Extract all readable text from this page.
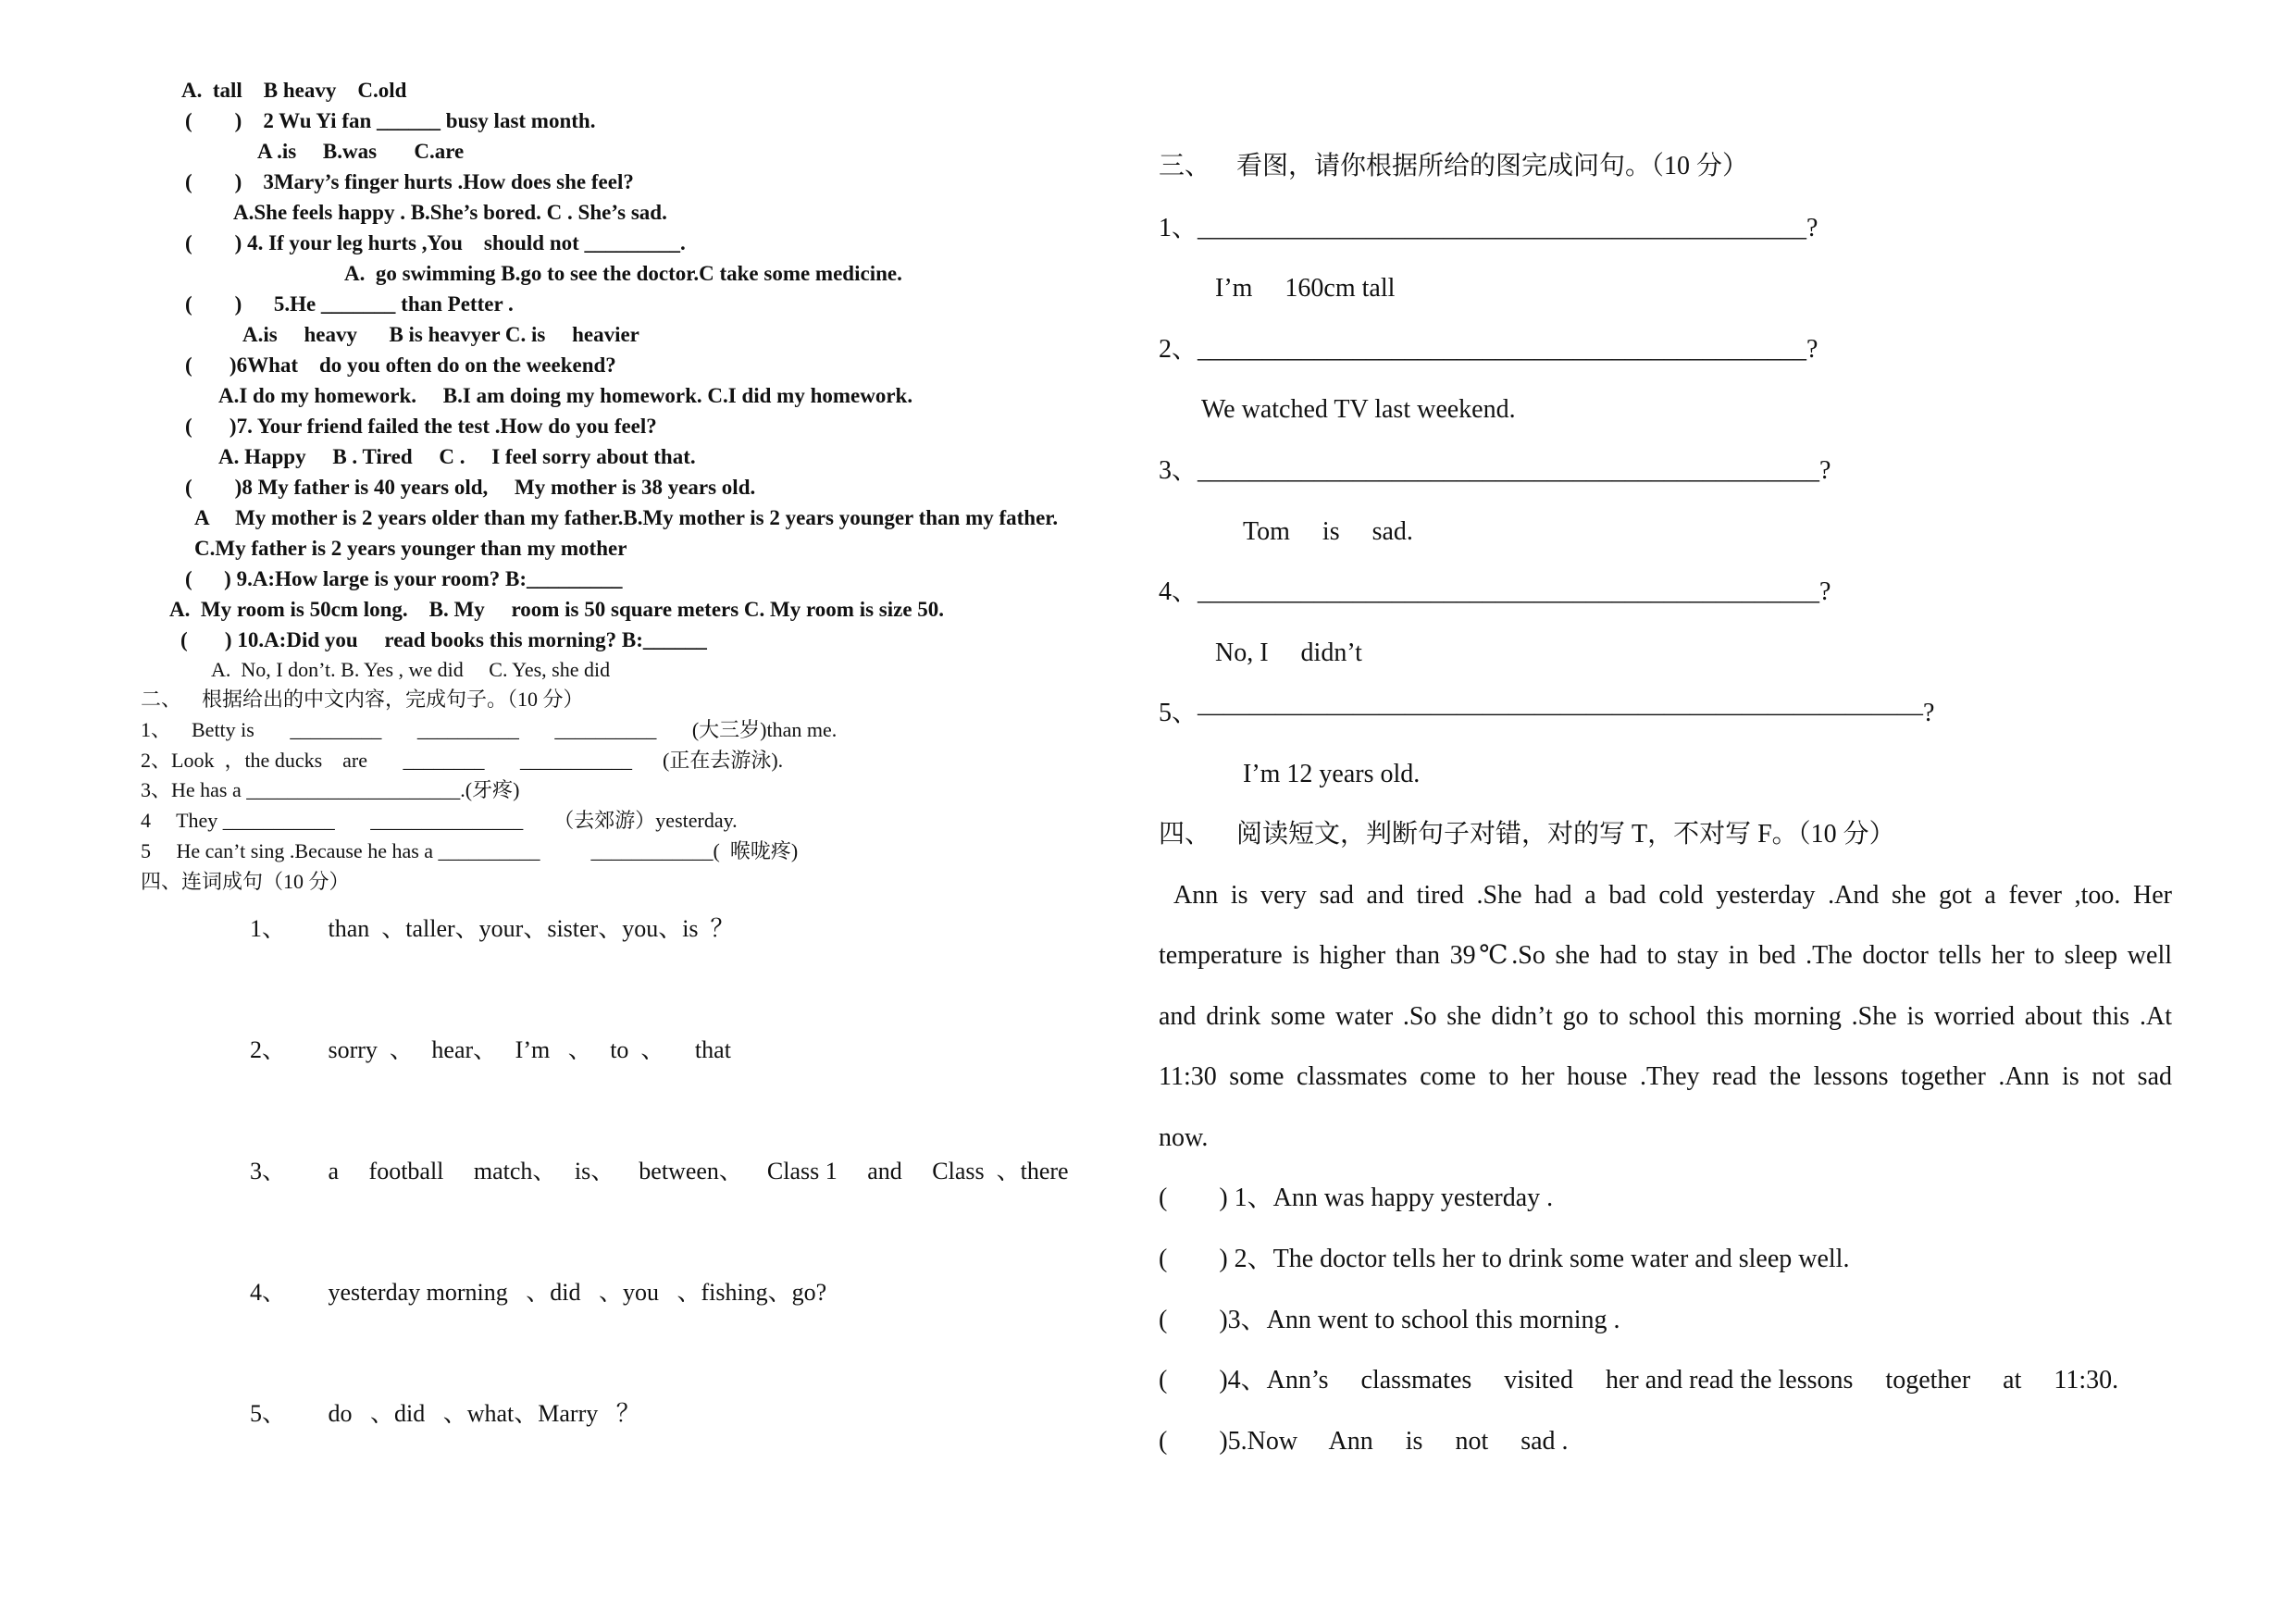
A.  tall    B heavy    C.old
(        )    2 Wu Yi fan ______ busy last month.
A .is     B.was       C.are
(        )    3Mary’s finger hurts .How does she feel?
A.She feels happy . B.She’s bored. C . She’s sad.
(        ) 4. If your leg hurts ,You    should not _________.
A.  go swimming B.go to see the doctor.C take some medicine.
(        )      5.He _______ than Petter .
A.is     heavy      B is heavyer C. is     heavier
(       )6What    do you often do on the weekend?
A.I do my homework.     B.I am doing my homework. C.I did my homework.
(       )7. Your friend failed the test .How do you feel?
A. Happy     B . Tired     C .     I feel sorry about that.
(        )8 My father is 40 years old,     My mother is 38 years old.
A     My mother is 2 years older than my father.B.My mother is 2 years younger than my father.
C.My father is 2 years younger than my mother
(      ) 9.A:How large is your room? B:_________
A.  My room is 50cm long.    B. My     room is 50 square meters C. My room is size 50.
(       ) 10.A:Did you     read books this morning? B:______
A.  No, I don’t. B. Yes , we did     C. Yes, she did
二、    根据给出的中文内容，完成句子。（10 分）
1、    Betty is       _________       __________       __________       (大三岁)than me.
2、Look  ，the ducks    are       ________       ___________      (正在去游泳).
3、He has a _____________________.(牙疼)
4     They ___________       _______________      （去郊游）yesterday.
5     He can’t sing .Because he has a __________          ____________(  喉咙疼)
四、连词成句（10 分）
1、       than  、taller、your、sister、you、is  ？
2、       sorry  、   hear、   I’m   、   to  、     that
3、       a     football     match、   is、    between、    Class 1     and     Class  、there
4、       yesterday morning   、did   、you   、fishing、go?
5、       do   、did   、what、Marry   ？
三、    看图，请你根据所给的图完成问句。（10 分）
1、_______________________________________________?
I’m     160cm tall
2、_______________________________________________?
We watched TV last weekend.
3、________________________________________________?
Tom     is     sad.
4、________________________________________________?
No, I     didn’t
5、————————————————————————————?
I’m 12 years old.
四、    阅读短文，判断句子对错，对的写 T，不对写 F。（10 分）
Ann is very sad and tired .She had a bad cold yesterday .And she got a fever ,too. Her
temperature is higher than 39℃.So she had to stay in bed .The doctor tells her to sleep well
and drink some water .So she didn’t go to school this morning .She is worried about this .At
11:30 some classmates come to her house .They read the lessons together .Ann is not sad
now.
(        ) 1、Ann was happy yesterday .
(        ) 2、The doctor tells her to drink some water and sleep well.
(        )3、Ann went to school this morning .
(        )4、Ann’s     classmates     visited     her and read the lessons     together     at     11:30.
(        )5.Now     Ann     is     not     sad .
